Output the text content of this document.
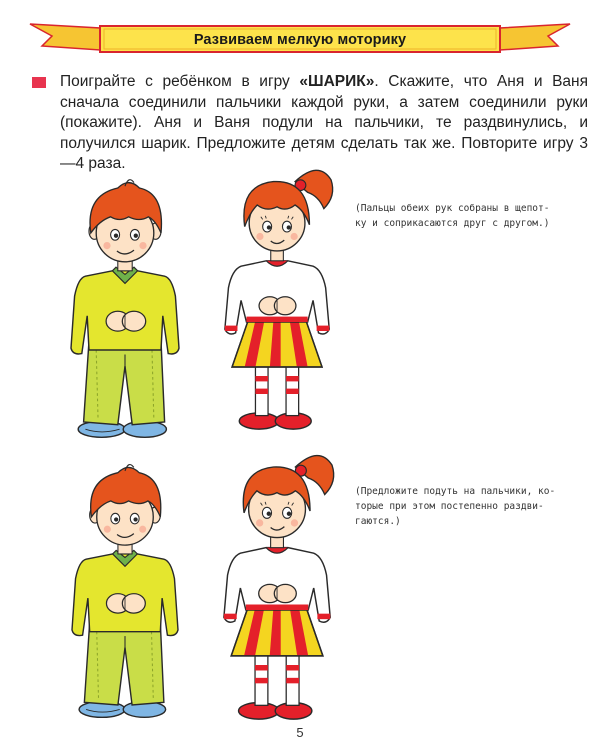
Развиваем мелкую моторику

Поиграйте с ребёнком в игру «ШАРИК». Скажите, что Аня и Ваня сначала соединили пальчики каждой руки, а затем соединили руки (покажите). Аня и Ваня подули на пальчики, те раздвинулись, и получился шарик. Предложите детям сделать так же. Повторите игру 3—4 раза.

(Пальцы обеих рук собраны в щепот-
ку и соприкасаются друг с другом.)
(Предложите подуть на пальчики, ко-
торые при этом постепенно раздви-
гаются.)
5
